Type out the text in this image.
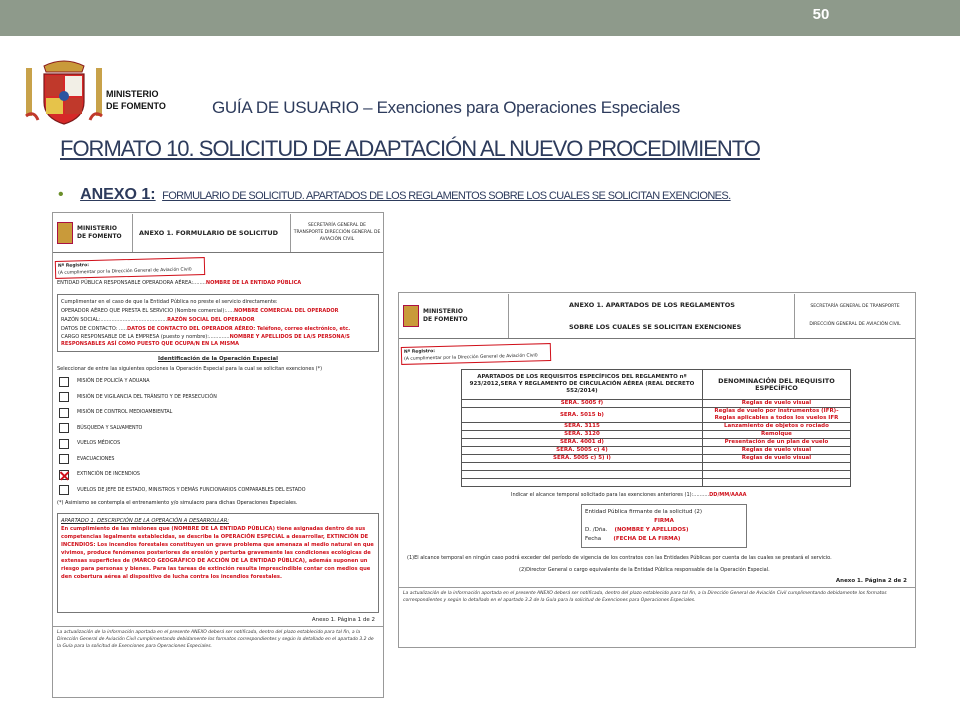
50
MINISTERIO
DE FOMENTO	GUÍA DE USUARIO – Exenciones para Operaciones Especiales
FORMATO 10. SOLICITUD DE ADAPTACIÓN AL NUEVO PROCEDIMIENTO
• ANEXO 1: FORMULARIO DE SOLICITUD. APARTADOS DE LOS REGLAMENTOS SOBRE LOS CUALES SE SOLICITAN EXENCIONES.
MINISTERIO
DE FOMENTO	ANEXO 1. FORMULARIO DE SOLICITUD
SECRETARÍA GENERAL DE TRANSPORTE DIRECCIÓN GENERAL DE AVIACIÓN CIVIL
Nº Registro:
(A cumplimentar por la Dirección General de Aviación Civil)
ENTIDAD PÚBLICA RESPONSABLE OPERADORA AÉREA:........NOMBRE DE LA ENTIDAD PÚBLICA
Cumplimentar en el caso de que la Entidad Pública no preste el servicio directamente:
OPERADOR AÉREO QUE PRESTA EL SERVICIO (Nombre comercial):.....NOMBRE COMERCIAL DEL OPERADOR
RAZÓN SOCIAL:..........................................RAZÓN SOCIAL DEL OPERADOR
DATOS DE CONTACTO: .....DATOS DE CONTACTO DEL OPERADOR AÉREO: Teléfono, correo electrónico, etc.
CARGO RESPONSABLE DE LA EMPRESA (puesto y nombre):.............NOMBRE Y APELLIDOS DE LA/S PERSONA/S RESPONSABLES ASÍ COMO PUESTO QUE OCUPA/N EN LA MISMA
Identificación de la Operación Especial
Seleccionar de entre las siguientes opciones la Operación Especial para la cual se solicitan exenciones (*)
MISIÓN DE POLICÍA Y ADUANA
MISIÓN DE VIGILANCIA DEL TRÁNSITO Y DE PERSECUCIÓN
MISIÓN DE CONTROL MEDIOAMBIENTAL
BÚSQUEDA Y SALVAMENTO
VUELOS MÉDICOS
EVACUACIONES
EXTINCIÓN DE INCENDIOS
VUELOS DE JEFE DE ESTADO, MINISTROS Y DEMÁS FUNCIONARIOS COMPARABLES DEL ESTADO
(*) Asimismo se contempla el entrenamiento y/o simulacro para dichas Operaciones Especiales.
APARTADO 1. DESCRIPCIÓN DE LA OPERACIÓN A DESARROLLAR:
En cumplimiento de las misiones que (NOMBRE DE LA ENTIDAD PÚBLICA) tiene asignadas dentro de sus competencias legalmente establecidas, se describe la OPERACIÓN ESPECIAL a desarrollar, EXTINCIÓN DE INCENDIOS: Los incendios forestales constituyen un grave problema que amenaza al medio natural en que vivimos, produce fenómenos posteriores de erosión y perturba gravemente las condiciones ecológicas de extensas superficies de (MARCO GEOGRÁFICO DE ACCIÓN DE LA ENTIDAD PÚBLICA), además suponen un riesgo para personas y bienes. Para las tareas de extinción resulta imprescindible contar con medios que den cobertura aérea al dispositivo de lucha contra los incendios forestales.
Anexo 1. Página 1 de 2
La actualización de la información aportada en el presente ANEXO deberá ser notificada, dentro del plazo establecido para tal fin, a la Dirección General de Aviación Civil cumplimentando debidamente los formatos correspondientes y según lo detallado en el apartado 3.2 de la Guía para la solicitud de Exenciones para Operaciones Especiales.
MINISTERIO
DE FOMENTO
ANEXO 1. APARTADOS DE LOS REGLAMENTOS
SOBRE LOS CUALES SE SOLICITAN EXENCIONES
SECRETARÍA GENERAL DE TRANSPORTE
DIRECCIÓN GENERAL DE AVIACIÓN CIVIL
Nº Registro:
(A cumplimentar por la Dirección General de Aviación Civil)
APARTADOS DE LOS REQUISITOS ESPECÍFICOS DEL REGLAMENTO nº 923/2012,SERA Y REGLAMENTO DE CIRCULACIÓN AÉREA (REAL DECRETO 552/2014)	DENOMINACIÓN DEL REQUISITO ESPECÍFICO
SERA. 5005 f)	Reglas de vuelo visual
SERA. 5015 b)	Reglas de vuelo por instrumentos (IFR)-Reglas aplicables a todos los vuelos IFR
SERA. 3115	Lanzamiento de objetos o rociado
SERA. 3120	Remolque
SERA. 4001 d)	Presentación de un plan de vuelo
SERA. 5005 c) 4)	Reglas de vuelo visual
SERA. 5005 c) 5) i)	Reglas de vuelo visual

Indicar el alcance temporal solicitado para las exenciones anteriores (1):..........DD/MM/AAAA
Entidad Pública firmante de la solicitud (2)
FIRMA
D. /Dña. (NOMBRE Y APELLIDOS)
Fecha (FECHA DE LA FIRMA)
(1)El alcance temporal en ningún caso podrá exceder del período de vigencia de los contratos con las Entidades Públicas por cuenta de las cuales se prestará el servicio.
(2)Director General o cargo equivalente de la Entidad Pública responsable de la Operación Especial.
Anexo 1. Página 2 de 2
La actualización de la información aportada en el presente ANEXO deberá ser notificada, dentro del plazo establecido para tal fin, a la Dirección General de Aviación Civil cumplimentando debidamente los formatos correspondientes y según lo detallado en el apartado 3.2 de la Guía para la solicitud de Exenciones para Operaciones Especiales.
